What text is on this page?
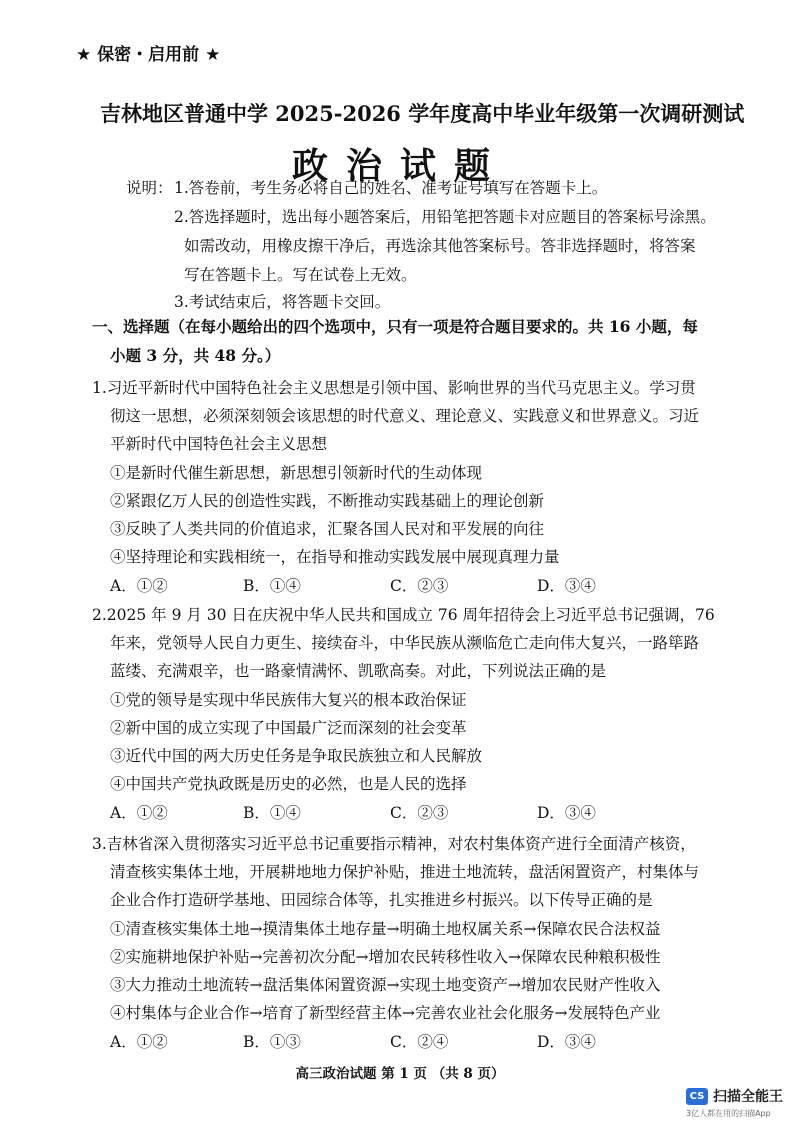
★ 保密・启用前 ★
吉林地区普通中学 2025-2026 学年度高中毕业年级第一次调研测试
政治试题
说明： 1.答卷前，考生务必将自己的姓名、准考证号填写在答题卡上。
2.答选择题时，选出每小题答案后，用铅笔把答题卡对应题目的答案标号涂黑。
如需改动，用橡皮擦干净后，再选涂其他答案标号。答非选择题时，将答案
写在答题卡上。写在试卷上无效。
3.考试结束后，将答题卡交回。
一、选择题（在每小题给出的四个选项中，只有一项是符合题目要求的。共 16 小题，每
小题 3 分，共 48 分。）
1.习近平新时代中国特色社会主义思想是引领中国、影响世界的当代马克思主义。学习贯
彻这一思想，必须深刻领会该思想的时代意义、理论意义、实践意义和世界意义。习近
平新时代中国特色社会主义思想
①是新时代催生新思想，新思想引领新时代的生动体现
②紧跟亿万人民的创造性实践，不断推动实践基础上的理论创新
③反映了人类共同的价值追求，汇聚各国人民对和平发展的向往
④坚持理论和实践相统一，在指导和推动实践发展中展现真理力量
A．①②	B．①④	C．②③	D．③④
2.2025 年 9 月 30 日在庆祝中华人民共和国成立 76 周年招待会上习近平总书记强调，76
年来，党领导人民自力更生、接续奋斗，中华民族从濒临危亡走向伟大复兴，一路筚路
蓝缕、充满艰辛，也一路豪情满怀、凯歌高奏。对此，下列说法正确的是
①党的领导是实现中华民族伟大复兴的根本政治保证
②新中国的成立实现了中国最广泛而深刻的社会变革
③近代中国的两大历史任务是争取民族独立和人民解放
④中国共产党执政既是历史的必然，也是人民的选择
A．①②	B．①④	C．②③	D．③④
3.吉林省深入贯彻落实习近平总书记重要指示精神，对农村集体资产进行全面清产核资，
清查核实集体土地，开展耕地地力保护补贴，推进土地流转，盘活闲置资产，村集体与
企业合作打造研学基地、田园综合体等，扎实推进乡村振兴。以下传导正确的是
①清查核实集体土地→摸清集体土地存量→明确土地权属关系→保障农民合法权益
②实施耕地保护补贴→完善初次分配→增加农民转移性收入→保障农民种粮积极性
③大力推动土地流转→盘活集体闲置资源→实现土地变资产→增加农民财产性收入
④村集体与企业合作→培育了新型经营主体→完善农业社会化服务→发展特色产业
A．①②	B．①③	C．②④	D．③④
高三政治试题 第 1 页 （共 8 页）
CS 扫描全能王
3亿人都在用的扫描App
